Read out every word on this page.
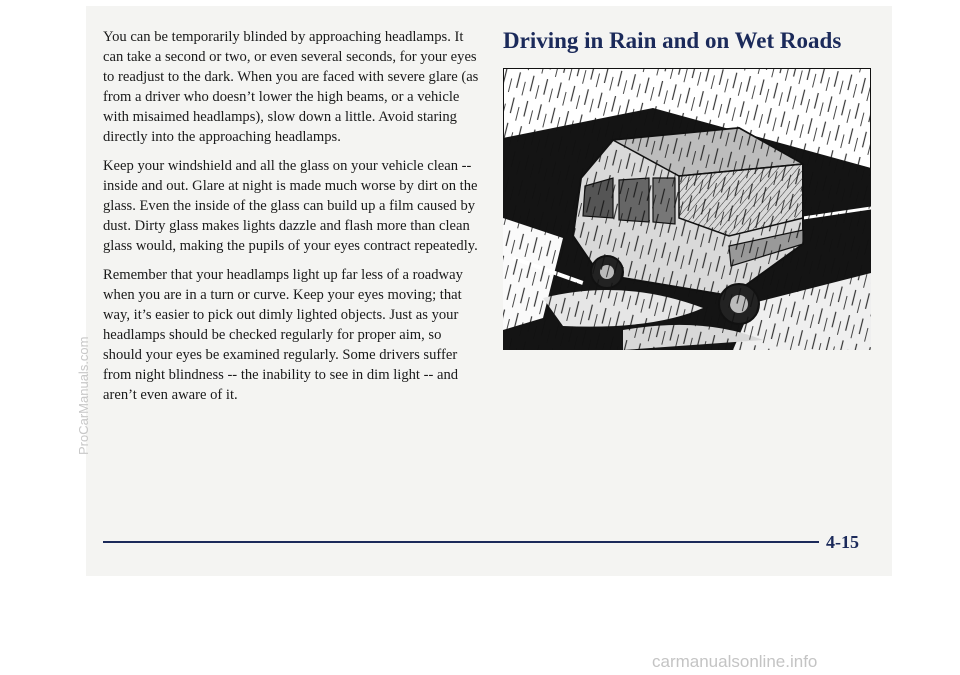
You can be temporarily blinded by approaching headlamps. It can take a second or two, or even several seconds, for your eyes to readjust to the dark. When you are faced with severe glare (as from a driver who doesn’t lower the high beams, or a vehicle with misaimed headlamps), slow down a little. Avoid staring directly into the approaching headlamps.

Keep your windshield and all the glass on your vehicle clean -- inside and out. Glare at night is made much worse by dirt on the glass. Even the inside of the glass can build up a film caused by dust. Dirty glass makes lights dazzle and flash more than clean glass would, making the pupils of your eyes contract repeatedly.

Remember that your headlamps light up far less of a roadway when you are in a turn or curve. Keep your eyes moving; that way, it’s easier to pick out dimly lighted objects. Just as your headlamps should be checked regularly for proper aim, so should your eyes be examined regularly. Some drivers suffer from night blindness -- the inability to see in dim light -- and aren’t even aware of it.

Driving in Rain and on Wet Roads
4-15
ProCarManuals.com
carmanualsonline.info
